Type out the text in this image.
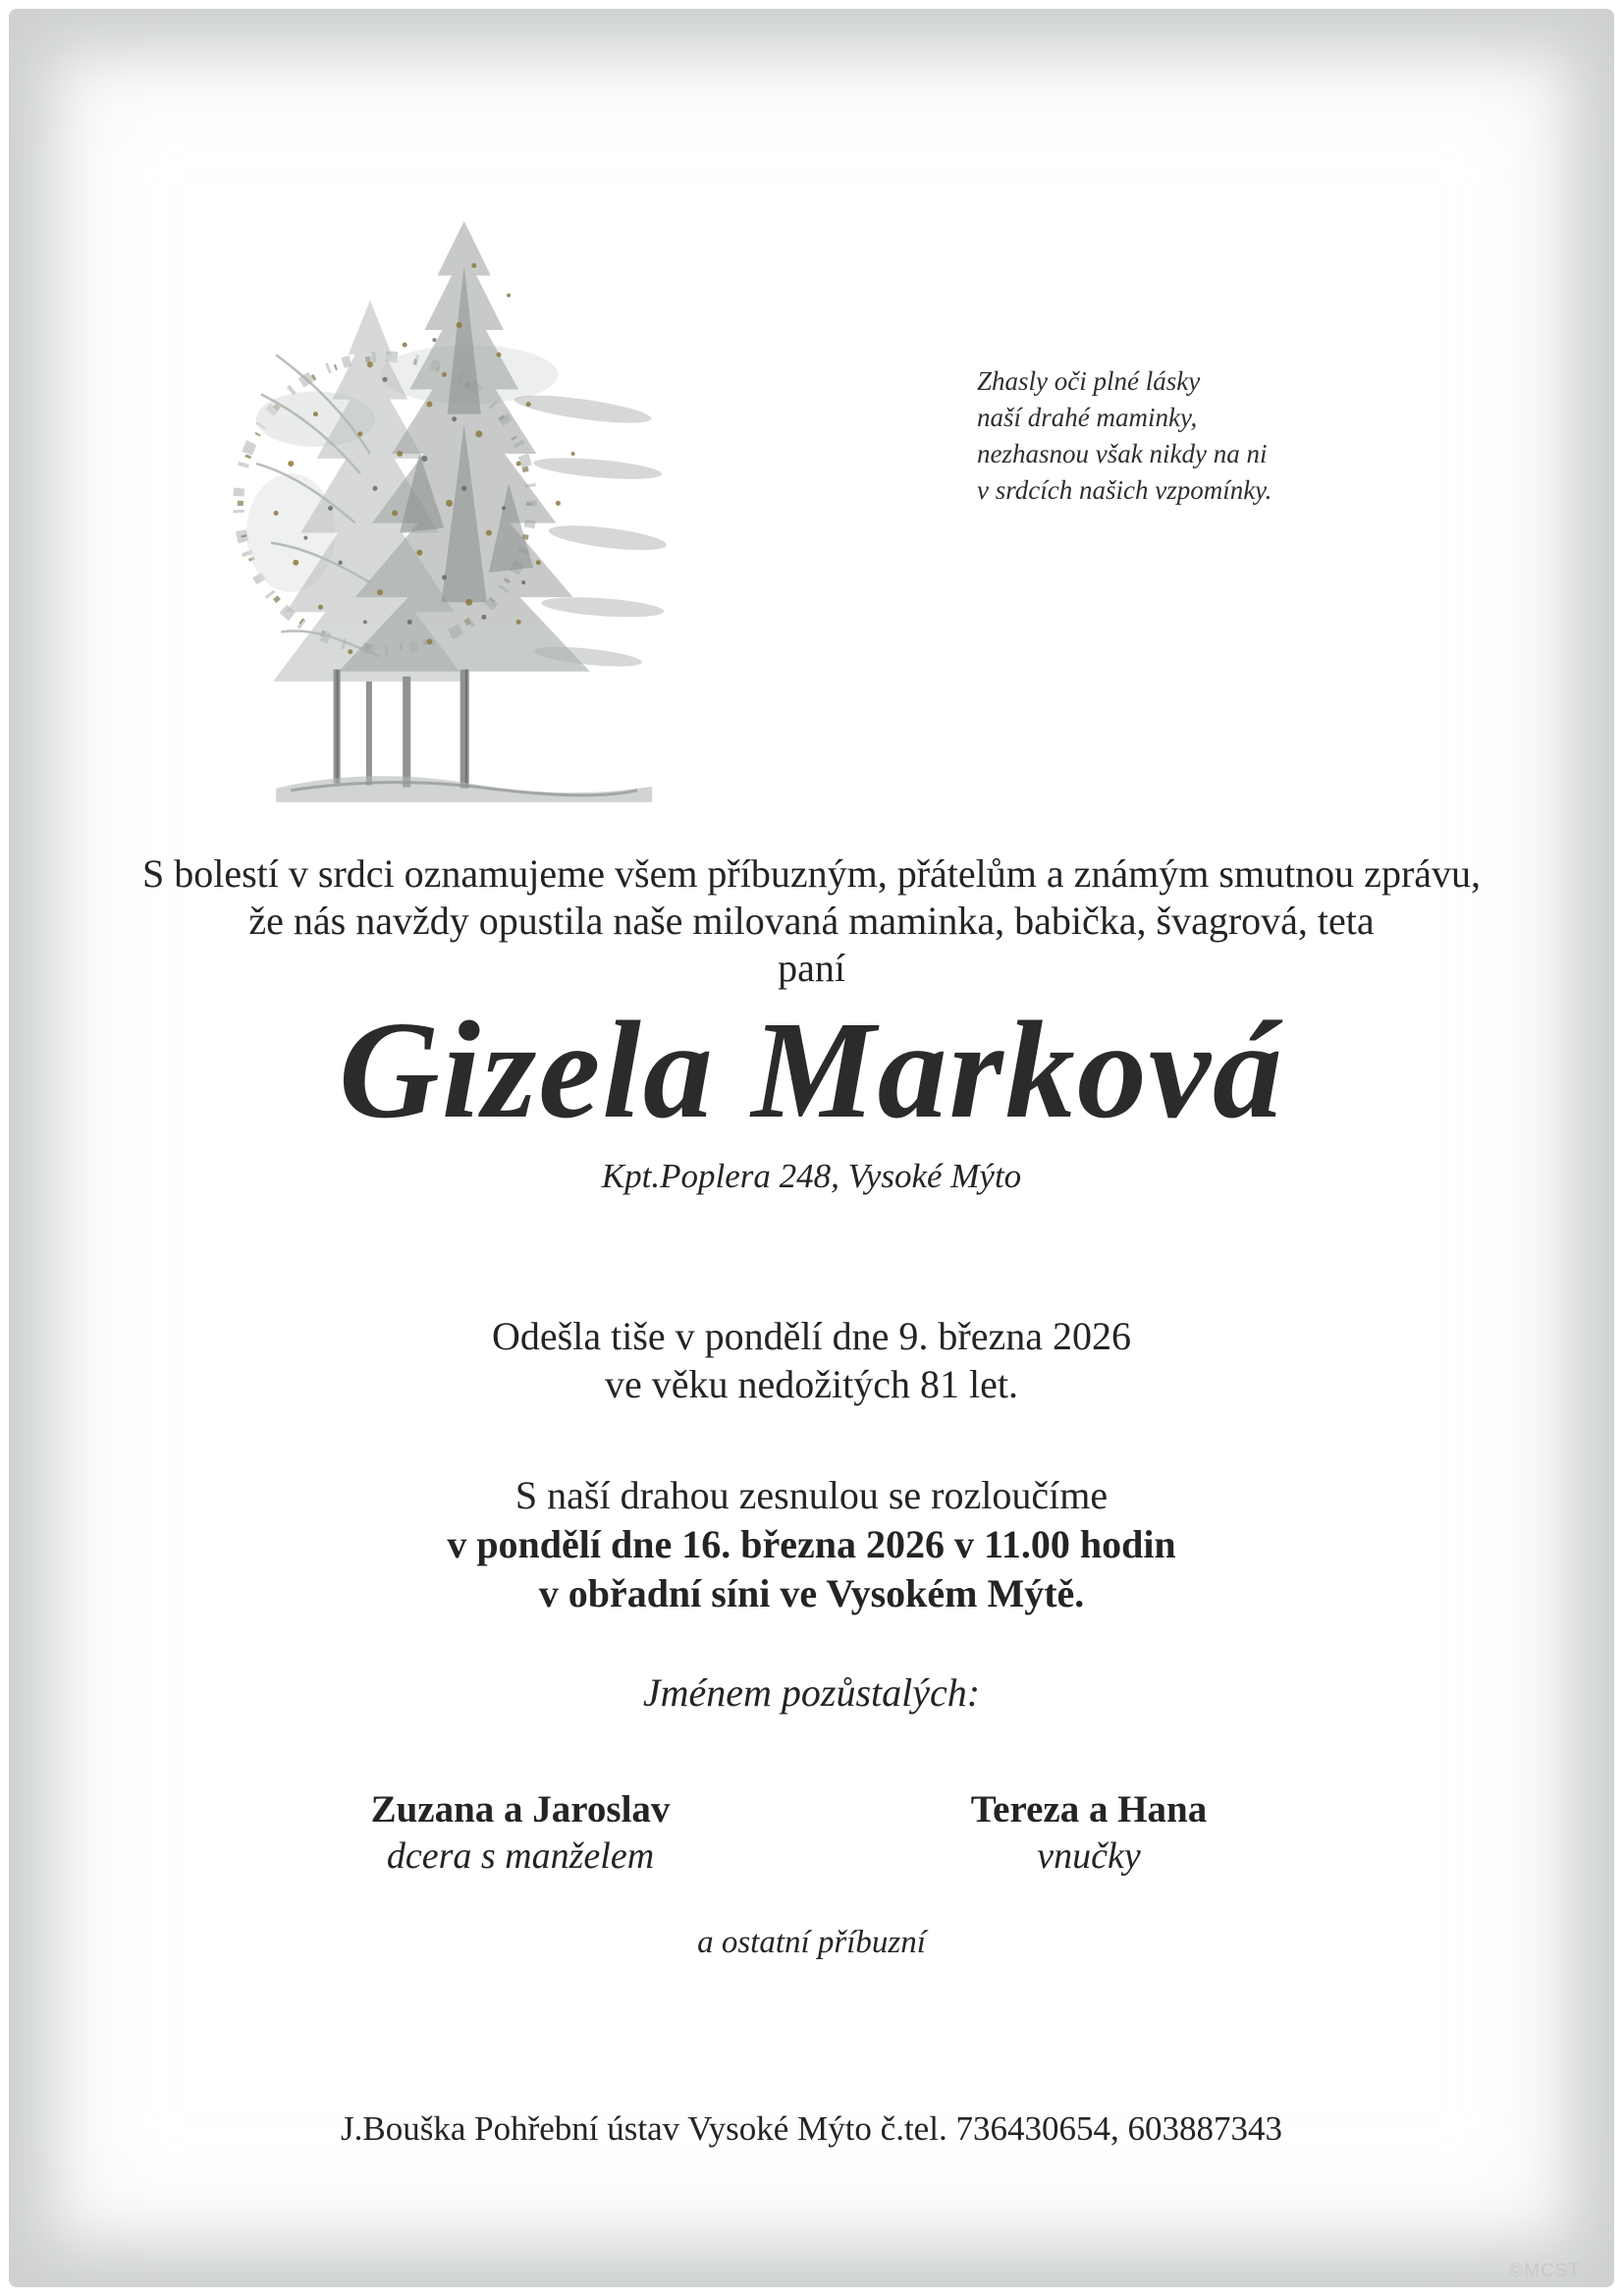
Zhasly oči plné lásky
naší drahé maminky,
nezhasnou však nikdy na ni
v srdcích našich vzpomínky.
S bolestí v srdci oznamujeme všem příbuzným, přátelům a známým smutnou zprávu,
že nás navždy opustila naše milovaná maminka, babička, švagrová, teta
paní
Gizela Marková
Kpt.Poplera 248, Vysoké Mýto
Odešla tiše v pondělí dne 9. března 2026
ve věku nedožitých 81 let.
S naší drahou zesnulou se rozloučíme
v pondělí dne 16. března 2026 v 11.00 hodin
v obřadní síni ve Vysokém Mýtě.
Jménem pozůstalých:
Zuzana a Jaroslav
dcera s manželem
Tereza a Hana
vnučky
a ostatní příbuzní
J.Bouška Pohřební ústav Vysoké Mýto č.tel. 736430654, 603887343
©MCST
